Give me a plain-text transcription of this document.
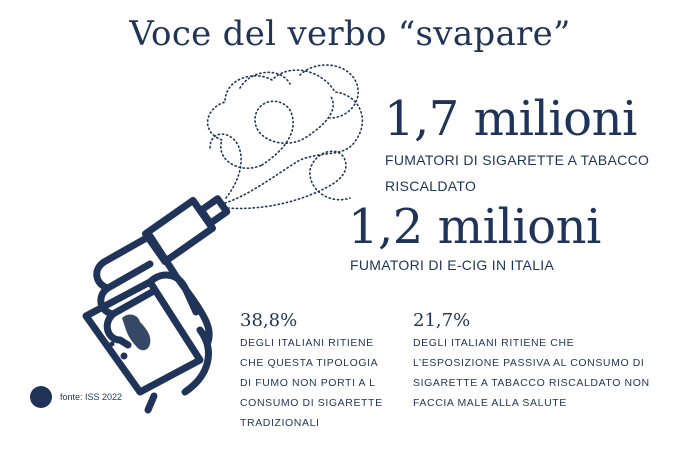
Voce del verbo “svapare”
1,7 milioni
FUMATORI DI SIGARETTE A TABACCO RISCALDATO
1,2 milioni
FUMATORI DI E-CIG IN ITALIA
38,8%
DEGLI ITALIANI RITIENE CHE QUESTA TIPOLOGIA DI FUMO NON PORTI A L CONSUMO DI SIGARETTE TRADIZIONALI
21,7%
DEGLI ITALIANI RITIENE CHE L’ESPOSIZIONE PASSIVA AL CONSUMO DI SIGARETTE A TABACCO RISCALDATO NON FACCIA MALE ALLA SALUTE
fonte: ISS 2022
